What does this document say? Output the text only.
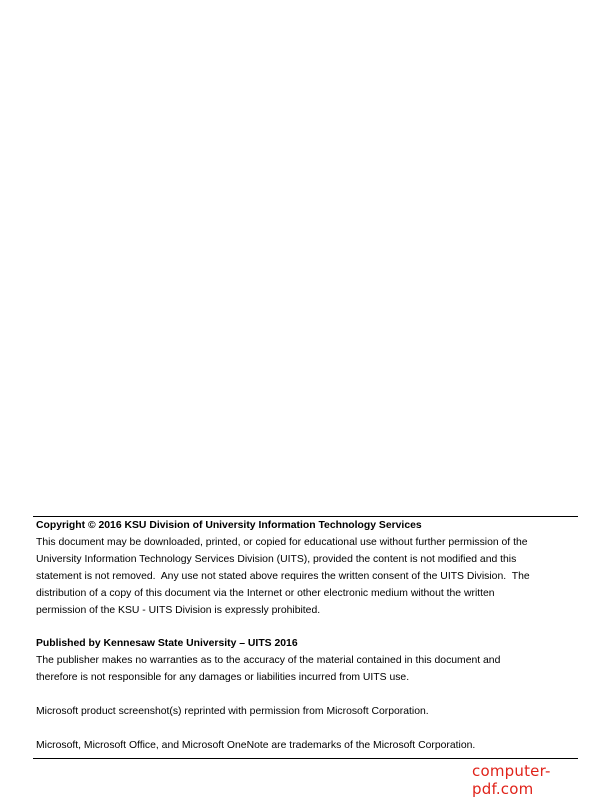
Copyright © 2016 KSU Division of University Information Technology Services

This document may be downloaded, printed, or copied for educational use without further permission of the

University Information Technology Services Division (UITS), provided the content is not modified and this

statement is not removed.  Any use not stated above requires the written consent of the UITS Division.  The

distribution of a copy of this document via the Internet or other electronic medium without the written

permission of the KSU - UITS Division is expressly prohibited.

Published by Kennesaw State University – UITS 2016

The publisher makes no warranties as to the accuracy of the material contained in this document and

therefore is not responsible for any damages or liabilities incurred from UITS use.

Microsoft product screenshot(s) reprinted with permission from Microsoft Corporation.

Microsoft, Microsoft Office, and Microsoft OneNote are trademarks of the Microsoft Corporation.

computer-pdf.com
